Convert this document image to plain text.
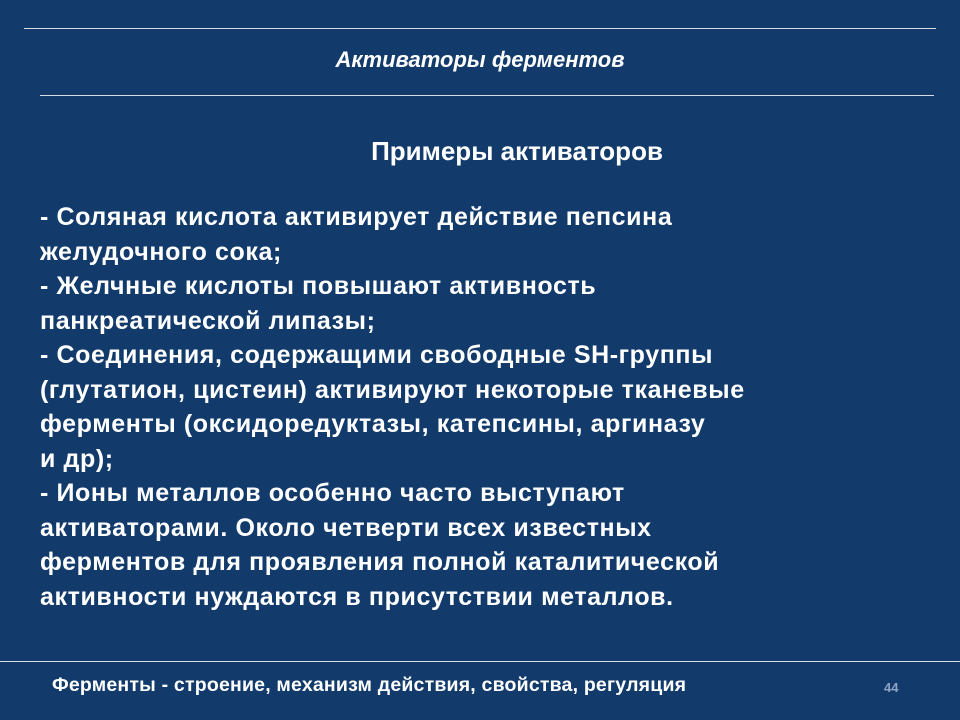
Активаторы ферментов
Примеры активаторов
- Соляная кислота активирует действие пепсина
желудочного сока;
- Желчные кислоты повышают активность
панкреатической липазы;
- Соединения, содержащими свободные SH-группы
(глутатион, цистеин) активируют некоторые тканевые
ферменты (оксидоредуктазы, катепсины, аргиназу
и др);
- Ионы металлов особенно часто выступают
активаторами. Около четверти всех известных
ферментов для проявления полной каталитической
активности нуждаются в присутствии металлов.
Ферменты - строение, механизм действия, свойства, регуляция	44
